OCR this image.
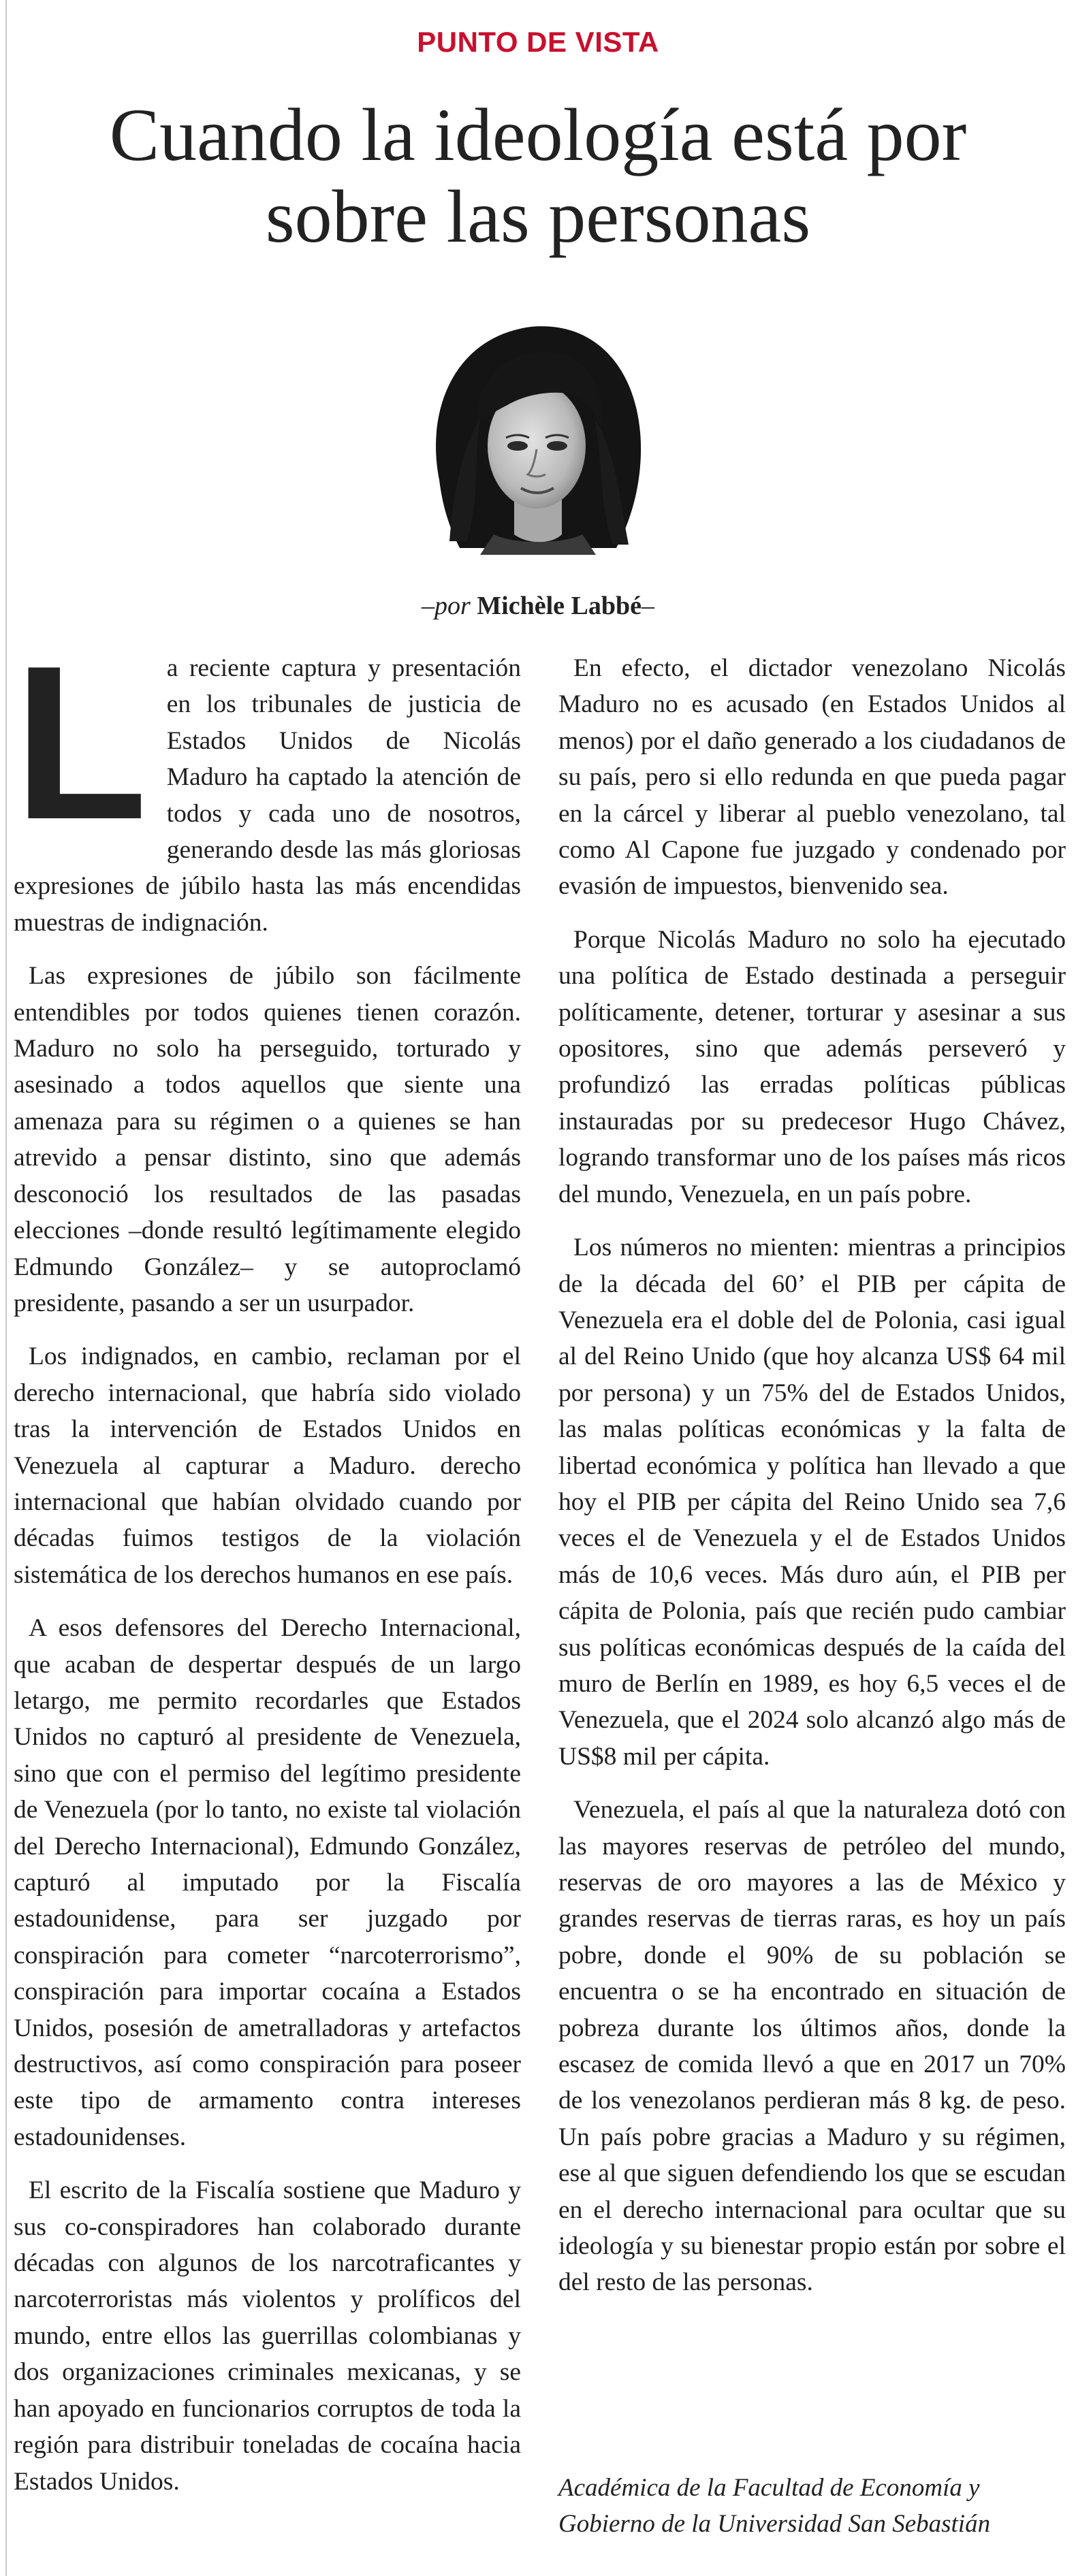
PUNTO DE VISTA
Cuando la ideología está por sobre las personas
–por Michèle Labbé–

La reciente captura y presentación en los tribunales de justicia de Estados Unidos de Nicolás Maduro ha captado la atención de todos y cada uno de nosotros, generando desde las más gloriosas expresiones de júbilo hasta las más encendidas muestras de indignación.

Las expresiones de júbilo son fácilmente entendibles por todos quienes tienen corazón. Maduro no solo ha perseguido, torturado y asesinado a todos aquellos que siente una amenaza para su régimen o a quienes se han atrevido a pensar distinto, sino que además desconoció los resultados de las pasadas elecciones –donde resultó legítimamente elegido Edmundo González– y se autoproclamó presidente, pasando a ser un usurpador.

Los indignados, en cambio, reclaman por el derecho internacional, que habría sido violado tras la intervención de Estados Unidos en Venezuela al capturar a Maduro. derecho internacional que habían olvidado cuando por décadas fuimos testigos de la violación sistemática de los derechos humanos en ese país.

A esos defensores del Derecho Internacional, que acaban de despertar después de un largo letargo, me permito recordarles que Estados Unidos no capturó al presidente de Venezuela, sino que con el permiso del legítimo presidente de Venezuela (por lo tanto, no existe tal violación del Derecho Internacional), Edmundo González, capturó al imputado por la Fiscalía estadounidense, para ser juzgado por conspiración para cometer “narcoterrorismo”, conspiración para importar cocaína a Estados Unidos, posesión de ametralladoras y artefactos destructivos, así como conspiración para poseer este tipo de armamento contra intereses estadounidenses.

El escrito de la Fiscalía sostiene que Maduro y sus co-conspiradores han colaborado durante décadas con algunos de los narcotraficantes y narcoterroristas más violentos y prolíficos del mundo, entre ellos las guerrillas colombianas y dos organizaciones criminales mexicanas, y se han apoyado en funcionarios corruptos de toda la región para distribuir toneladas de cocaína hacia Estados Unidos.

En efecto, el dictador venezolano Nicolás Maduro no es acusado (en Estados Unidos al menos) por el daño generado a los ciudadanos de su país, pero si ello redunda en que pueda pagar en la cárcel y liberar al pueblo venezolano, tal como Al Capone fue juzgado y condenado por evasión de impuestos, bienvenido sea.

Porque Nicolás Maduro no solo ha ejecutado una política de Estado destinada a perseguir políticamente, detener, torturar y asesinar a sus opositores, sino que además perseveró y profundizó las erradas políticas públicas instauradas por su predecesor Hugo Chávez, logrando transformar uno de los países más ricos del mundo, Venezuela, en un país pobre.

Los números no mienten: mientras a principios de la década del 60’ el PIB per cápita de Venezuela era el doble del de Polonia, casi igual al del Reino Unido (que hoy alcanza US$ 64 mil por persona) y un 75% del de Estados Unidos, las malas políticas económicas y la falta de libertad económica y política han llevado a que hoy el PIB per cápita del Reino Unido sea 7,6 veces el de Venezuela y el de Estados Unidos más de 10,6 veces. Más duro aún, el PIB per cápita de Polonia, país que recién pudo cambiar sus políticas económicas después de la caída del muro de Berlín en 1989, es hoy 6,5 veces el de Venezuela, que el 2024 solo alcanzó algo más de US$8 mil per cápita.

Venezuela, el país al que la naturaleza dotó con las mayores reservas de petróleo del mundo, reservas de oro mayores a las de México y grandes reservas de tierras raras, es hoy un país pobre, donde el 90% de su población se encuentra o se ha encontrado en situación de pobreza durante los últimos años, donde la escasez de comida llevó a que en 2017 un 70% de los venezolanos perdieran más 8 kg. de peso. Un país pobre gracias a Maduro y su régimen, ese al que siguen defendiendo los que se escudan en el derecho internacional para ocultar que su ideología y su bienestar propio están por sobre el del resto de las personas.

Académica de la Facultad de Economía y Gobierno de la Universidad San Sebastián
